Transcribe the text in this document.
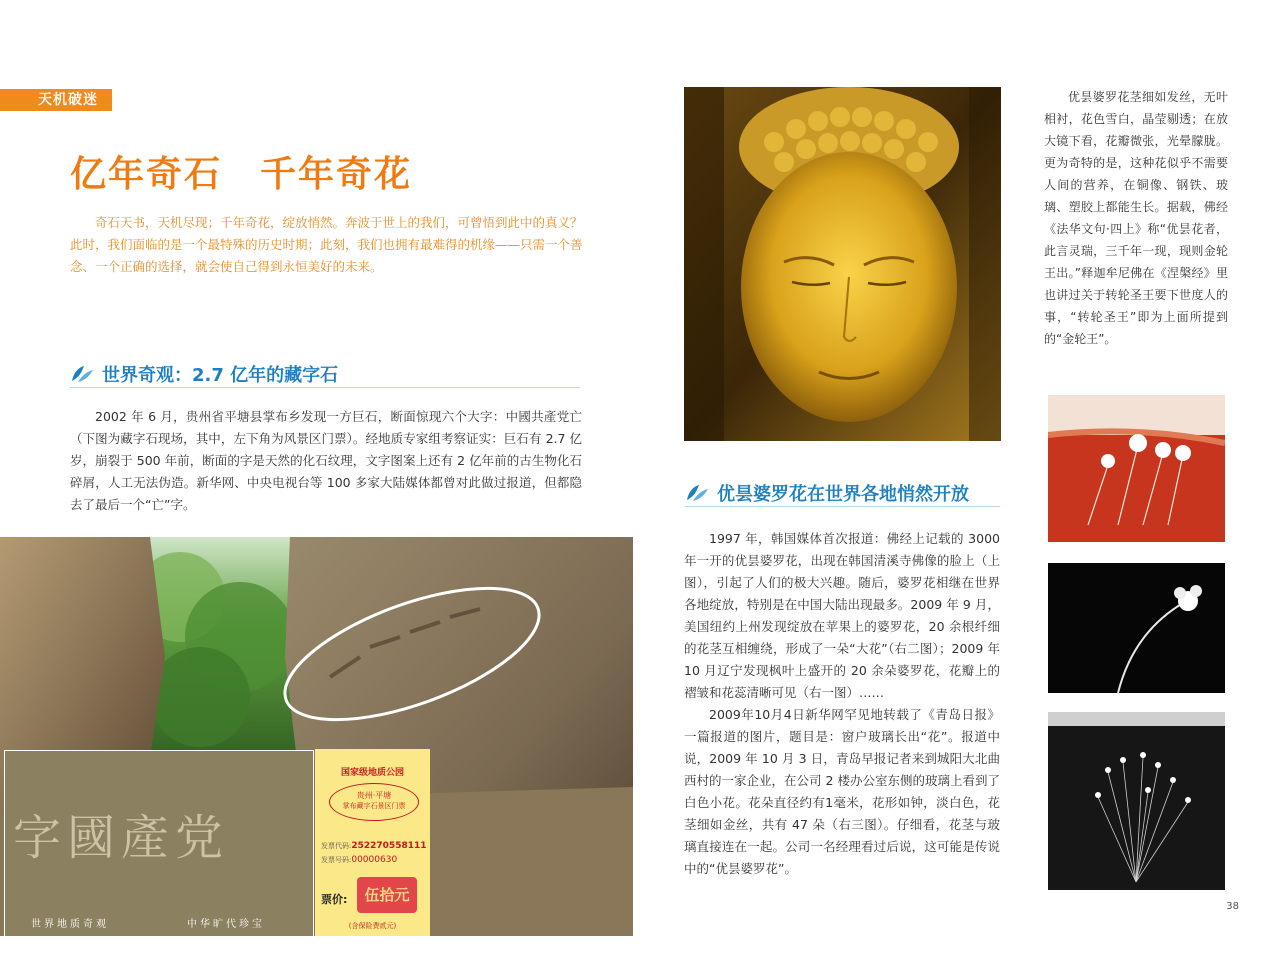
天机破迷
亿年奇石　千年奇花
奇石天书，天机尽现；千年奇花，绽放悄然。奔波于世上的我们，可曾悟到此中的真义？此时，我们面临的是一个最特殊的历史时期；此刻，我们也拥有最难得的机缘——只需一个善念、一个正确的选择，就会使自己得到永恒美好的未来。
世界奇观：2.7 亿年的藏字石

2002 年 6 月，贵州省平塘县掌布乡发现一方巨石，断面惊现六个大字：中國共產党亡（下图为藏字石现场，其中，左下角为风景区门票）。经地质专家组考察证实：巨石有 2.7 亿岁，崩裂于 500 年前，断面的字是天然的化石纹理，文字图案上还有 2 亿年前的古生物化石碎屑，人工无法伪造。新华网、中央电视台等 100 多家大陆媒体都曾对此做过报道，但都隐去了最后一个“亡”字。

字國產党
世界地质奇观	中华旷代珍宝
国家级地质公园
贵州·平塘
掌布藏字石景区门票
发票代码:252270558111
发票号码:00000630
票价:	伍拾元
(含保险费贰元)

优昙婆罗花茎细如发丝，无叶相衬，花色雪白，晶莹剔透；在放大镜下看，花瓣微张，光晕朦胧。更为奇特的是，这种花似乎不需要人间的营养，在铜像、钢铁、玻璃、塑胶上都能生长。据载，佛经《法华文句·四上》称“优昙花者，此言灵瑞，三千年一现，现则金轮王出。”释迦牟尼佛在《涅槃经》里也讲过关于转轮圣王要下世度人的事，“转轮圣王”即为上面所提到的“金轮王”。

优昙婆罗花在世界各地悄然开放

1997 年，韩国媒体首次报道：佛经上记载的 3000 年一开的优昙婆罗花，出现在韩国清溪寺佛像的脸上（上图），引起了人们的极大兴趣。随后，婆罗花相继在世界各地绽放，特别是在中国大陆出现最多。2009 年 9 月，美国纽约上州发现绽放在苹果上的婆罗花，20 余根纤细的花茎互相缠绕，形成了一朵“大花”（右二图）；2009 年 10 月辽宁发现枫叶上盛开的 20 余朵婆罗花，花瓣上的褶皱和花蕊清晰可见（右一图）……

2009年10月4日新华网罕见地转载了《青岛日报》一篇报道的图片，题目是：窗户玻璃长出“花”。报道中说，2009 年 10 月 3 日，青岛早报记者来到城阳大北曲西村的一家企业，在公司 2 楼办公室东侧的玻璃上看到了白色小花。花朵直径约有1毫米，花形如钟，淡白色，花茎细如金丝，共有 47 朵（右三图）。仔细看，花茎与玻璃直接连在一起。公司一名经理看过后说，这可能是传说中的“优昙婆罗花”。

38
